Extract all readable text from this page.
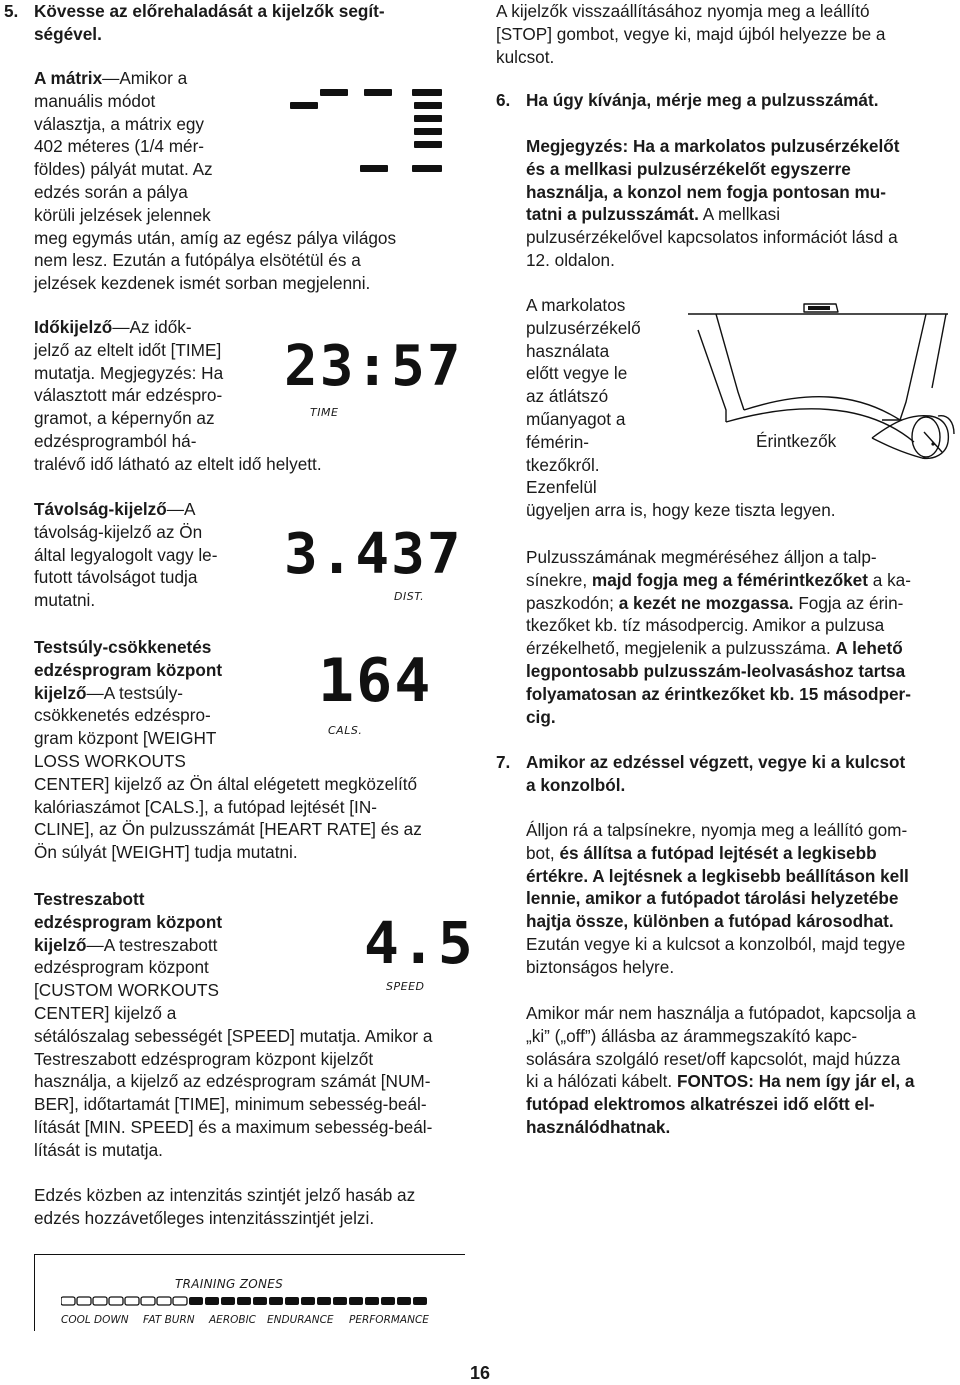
5. Kövesse az előrehaladását a kijelzők segít-
ségével.
A mátrix—Amikor a
manuális módot
választja, a mátrix egy
402 méteres (1/4 mér-
földes) pályát mutat. Az
edzés során a pálya
körüli jelzések jelennek
meg egymás után, amíg az egész pálya világos
nem lesz. Ezután a futópálya elsötétül és a
jelzések kezdenek ismét sorban megjelenni.
Időkijelző—Az idők-
jelző az eltelt időt [TIME]
mutatja. Megjegyzés: Ha
választott már edzéspro-
gramot, a képernyőn az
edzésprogramból há-
tralévő idő látható az eltelt idő helyett.
23:57
TIME
Távolság-kijelző—A
távolság-kijelző az Ön
által legyalogolt vagy le-
futott távolságot tudja
mutatni.
3.437
DIST.
Testsúly-csökkenetés
edzésprogram központ
kijelző—A testsúly-
csökkenetés edzéspro-
gram központ [WEIGHT
LOSS WORKOUTS
CENTER] kijelző az Ön által elégetett megközelítő
kalóriaszámot [CALS.], a futópad lejtését [IN-
CLINE], az Ön pulzusszámát [HEART RATE] és az
Ön súlyát [WEIGHT] tudja mutatni.
164
CALS.
Testreszabott
edzésprogram központ
kijelző—A testreszabott
edzésprogram központ
[CUSTOM WORKOUTS
CENTER] kijelző a
sétálószalag sebességét [SPEED] mutatja. Amikor a
Testreszabott edzésprogram központ kijelzőt
használja, a kijelző az edzésprogram számát [NUM-
BER], időtartamát [TIME], minimum sebesség-beál-
lítását [MIN. SPEED] és a maximum sebesség-beál-
lítását is mutatja.
4.5
SPEED
Edzés közben az intenzitás szintjét jelző hasáb az
edzés hozzávetőleges intenzitásszintjét jelzi.
TRAINING ZONES
COOL DOWN FAT BURN AEROBIC ENDURANCE PERFORMANCE
A kijelzők visszaállításához nyomja meg a leállító
[STOP] gombot, vegye ki, majd újból helyezze be a
kulcsot.
6. Ha úgy kívánja, mérje meg a pulzusszámát.
Megjegyzés: Ha a markolatos pulzusérzékelőt
és a mellkasi pulzusérzékelőt egyszerre
használja, a konzol nem fogja pontosan mu-
tatni a pulzusszámát. A mellkasi
pulzusérzékelővel kapcsolatos információt lásd a
12. oldalon.
A markolatos
pulzusérzékelő
használata
előtt vegye le
az átlátszó
műanyagot a
fémérin-
tkezőkről.
Ezenfelül
ügyeljen arra is, hogy keze tiszta legyen.
Érintkezők
Pulzusszámának megméréséhez álljon a talp-
sínekre, majd fogja meg a fémérintkezőket a ka-
paszkodón; a kezét ne mozgassa. Fogja az érin-
tkezőket kb. tíz másodpercig. Amikor a pulzusa
érzékelhető, megjelenik a pulzusszáma. A lehető
legpontosabb pulzusszám-leolvasáshoz tartsa
folyamatosan az érintkezőket kb. 15 másodper-
cig.
7. Amikor az edzéssel végzett, vegye ki a kulcsot
a konzolból.
Álljon rá a talpsínekre, nyomja meg a leállító gom-
bot, és állítsa a futópad lejtését a legkisebb
értékre. A lejtésnek a legkisebb beállításon kell
lennie, amikor a futópadot tárolási helyzetébe
hajtja össze, különben a futópad károsodhat.
Ezután vegye ki a kulcsot a konzolból, majd tegye
biztonságos helyre.
Amikor már nem használja a futópadot, kapcsolja a
„ki” („off”) állásba az árammegszakító kapc-
solására szolgáló reset/off kapcsolót, majd húzza
ki a hálózati kábelt. FONTOS: Ha nem így jár el, a
futópad elektromos alkatrészei idő előtt el-
használódhatnak.
16
